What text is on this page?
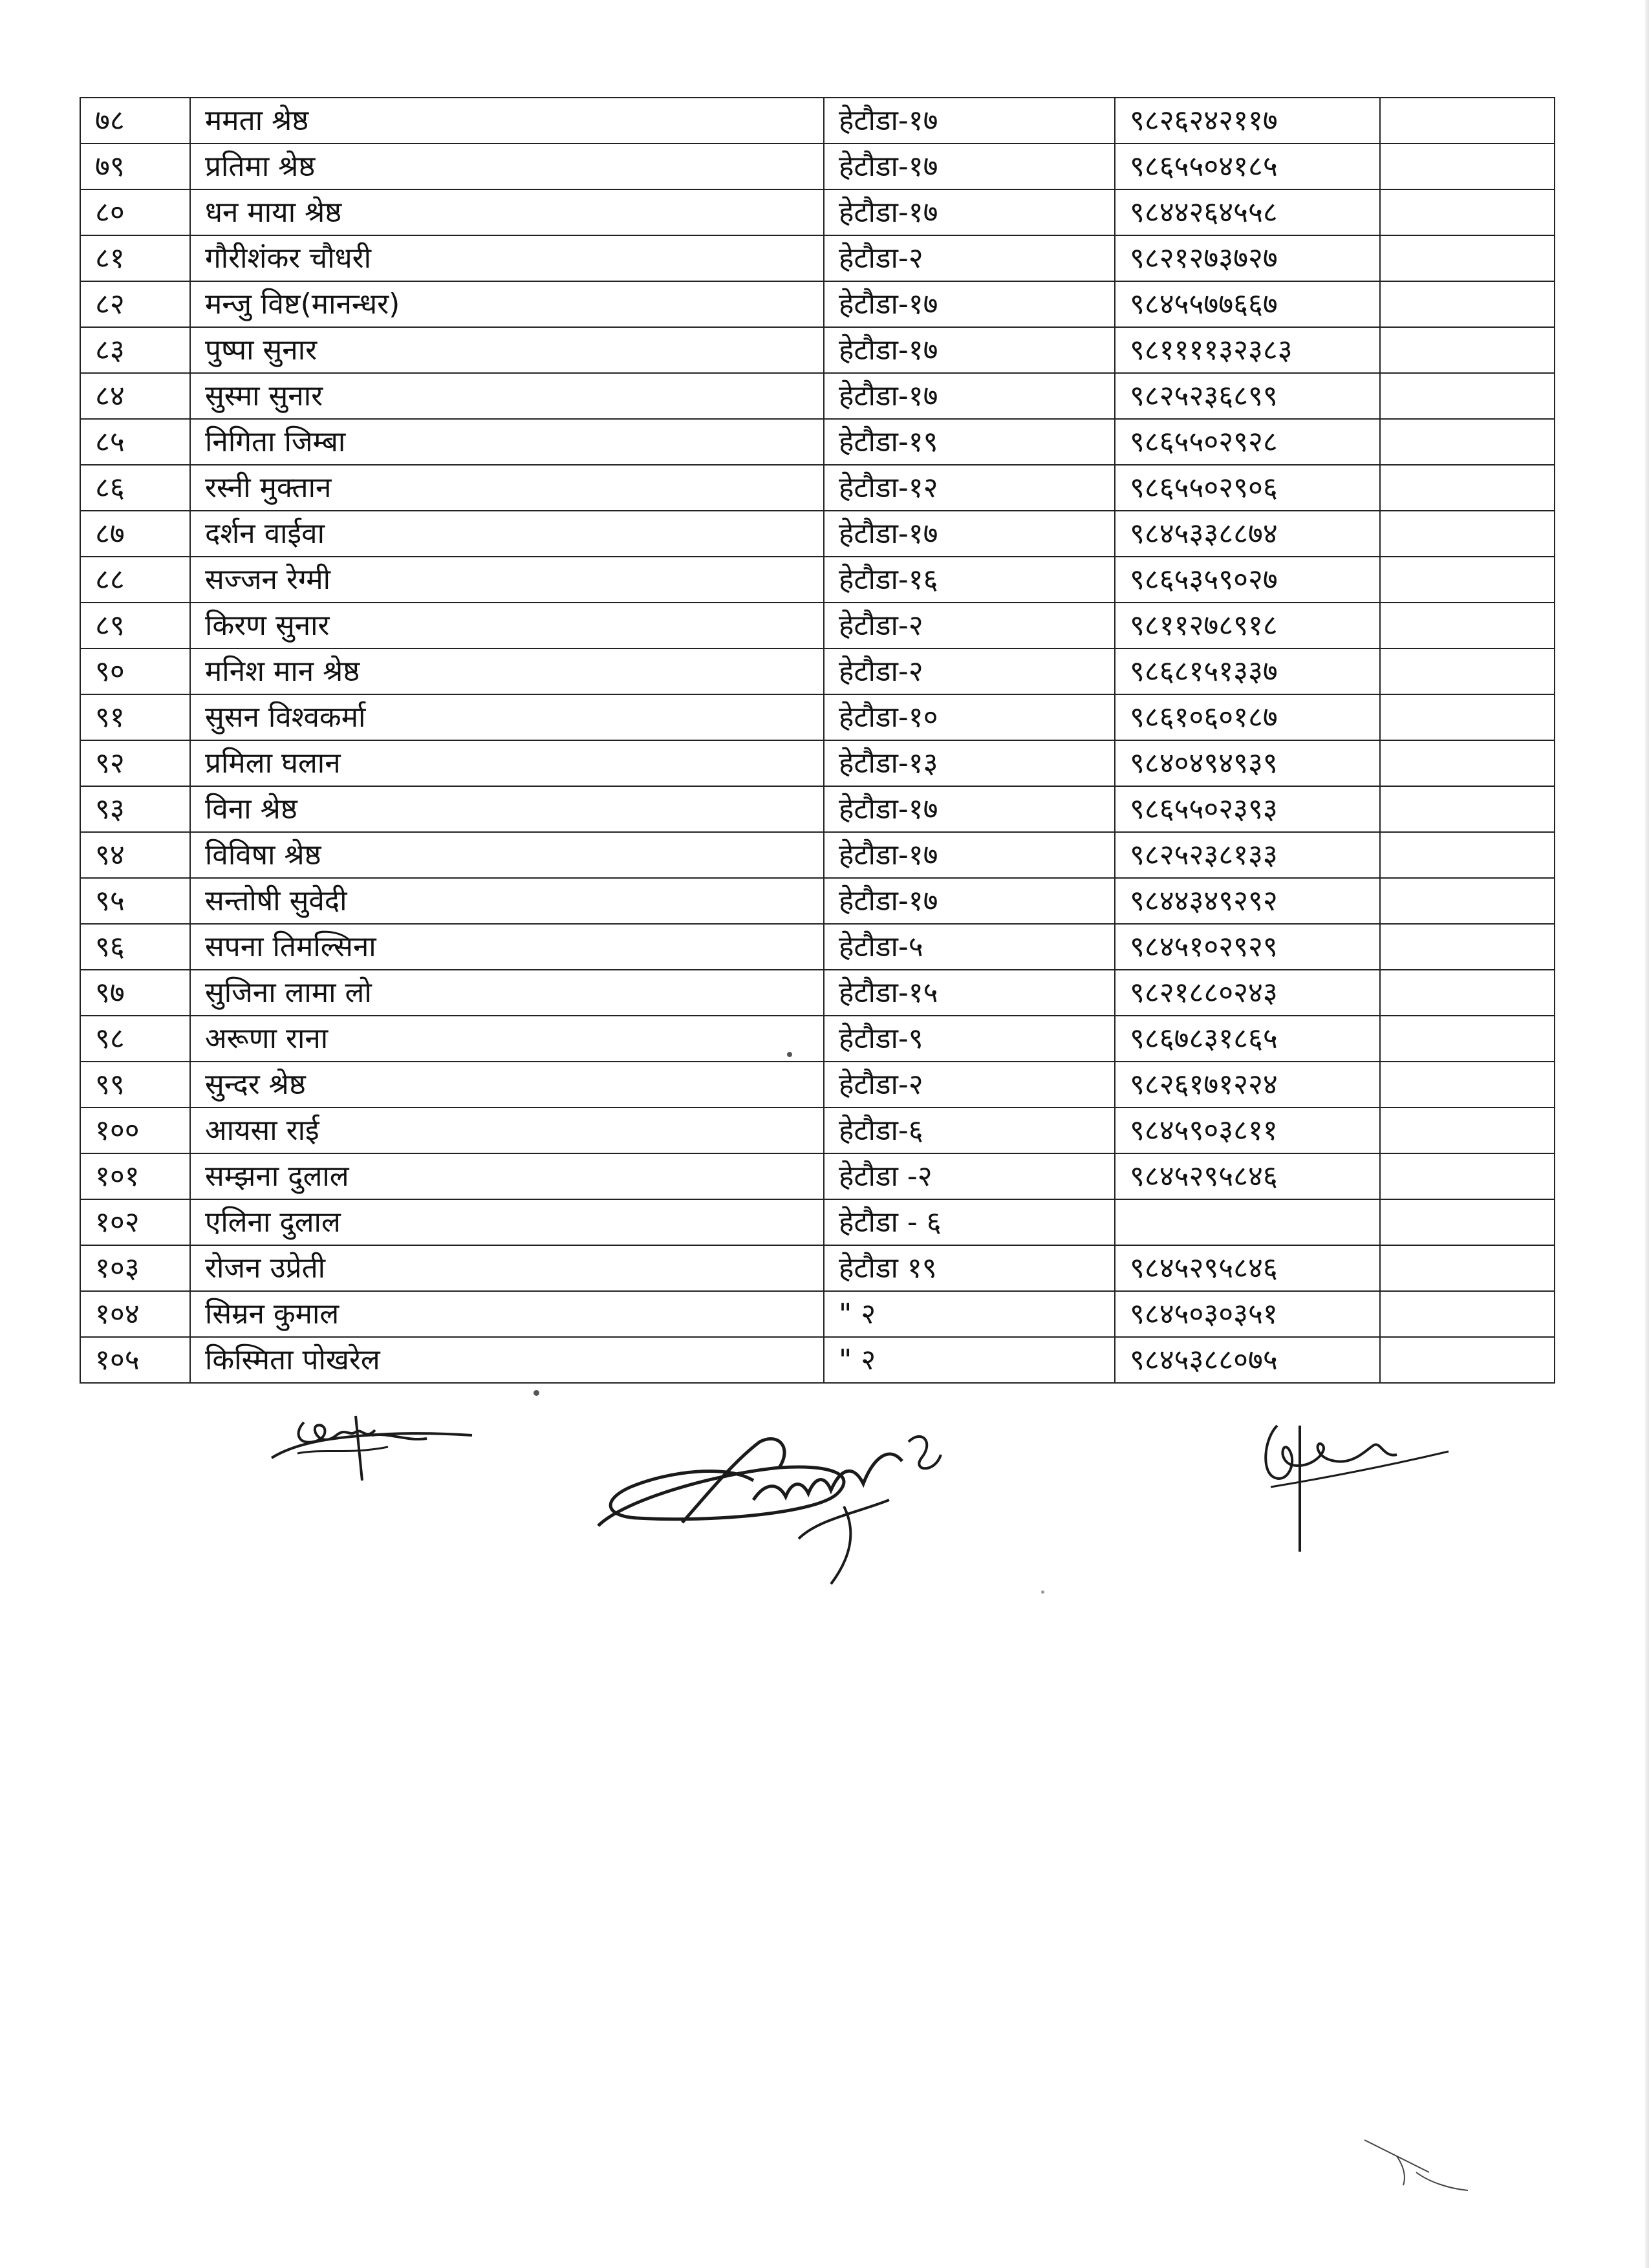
७८	ममता श्रेष्ठ	हेटौडा-१७	९८२६२४२११७	
७९	प्रतिमा श्रेष्ठ	हेटौडा-१७	९८६५५०४१८५	
८०	धन माया श्रेष्ठ	हेटौडा-१७	९८४४२६४५५८	
८१	गौरीशंकर चौधरी	हेटौडा-२	९८२१२७३७२७	
८२	मन्जु विष्ट(मानन्धर)	हेटौडा-१७	९८४५५७७६६७	
८३	पुष्पा सुनार	हेटौडा-१७	९८११११३२३८३	
८४	सुस्मा सुनार	हेटौडा-१७	९८२५२३६८९९	
८५	निगिता जिम्बा	हेटौडा-१९	९८६५५०२९२८	
८६	रस्नी मुक्तान	हेटौडा-१२	९८६५५०२९०६	
८७	दर्शन वाईवा	हेटौडा-१७	९८४५३३८८७४	
८८	सज्जन रेग्मी	हेटौडा-१६	९८६५३५९०२७	
८९	किरण सुनार	हेटौडा-२	९८११२७८९१८	
९०	मनिश मान श्रेष्ठ	हेटौडा-२	९८६८१५१३३७	
९१	सुसन विश्वकर्मा	हेटौडा-१०	९८६१०६०१८७	
९२	प्रमिला घलान	हेटौडा-१३	९८४०४९४९३९	
९३	विना श्रेष्ठ	हेटौडा-१७	९८६५५०२३९३	
९४	विविषा श्रेष्ठ	हेटौडा-१७	९८२५२३८१३३	
९५	सन्तोषी सुवेदी	हेटौडा-१७	९८४४३४९२९२	
९६	सपना तिमल्सिना	हेटौडा-५	९८४५१०२९२९	
९७	सुजिना लामा लो	हेटौडा-१५	९८२१८८०२४३	
९८	अरूणा राना	हेटौडा-९	९८६७८३१८६५	
९९	सुन्दर श्रेष्ठ	हेटौडा-२	९८२६१७१२२४	
१००	आयसा राई	हेटौडा-६	९८४५९०३८११	
१०१	सम्झना दुलाल	हेटौडा -२	९८४५२९५८४६	
१०२	एलिना दुलाल	हेटौडा - ६		
१०३	रोजन उप्रेती	हेटौडा १९	९८४५२९५८४६	
१०४	सिम्रन कुमाल	" २	९८४५०३०३५१	
१०५	किस्मिता पोखरेल	" २	९८४५३८८०७५	
